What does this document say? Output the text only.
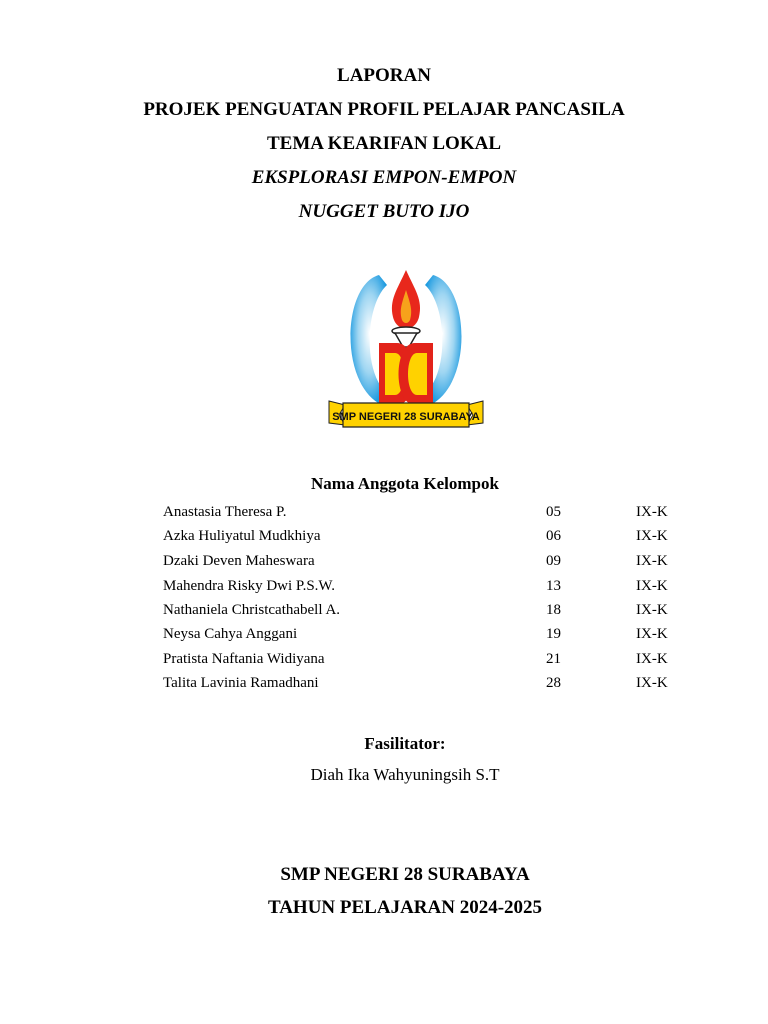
LAPORAN
PROJEK PENGUATAN PROFIL PELAJAR PANCASILA
TEMA KEARIFAN LOKAL
EKSPLORASI EMPON-EMPON
NUGGET BUTO IJO
SMP NEGERI 28 SURABAYA
Nama Anggota Kelompok
Anastasia Theresa P.	05	IX-K
Azka Huliyatul Mudkhiya	06	IX-K
Dzaki Deven Maheswara	09	IX-K
Mahendra Risky Dwi P.S.W.	13	IX-K
Nathaniela Christcathabell A.	18	IX-K
Neysa Cahya Anggani	19	IX-K
Pratista Naftania Widiyana	21	IX-K
Talita Lavinia Ramadhani	28	IX-K
Fasilitator:
Diah Ika Wahyuningsih S.T
SMP NEGERI 28 SURABAYA
TAHUN PELAJARAN 2024-2025
